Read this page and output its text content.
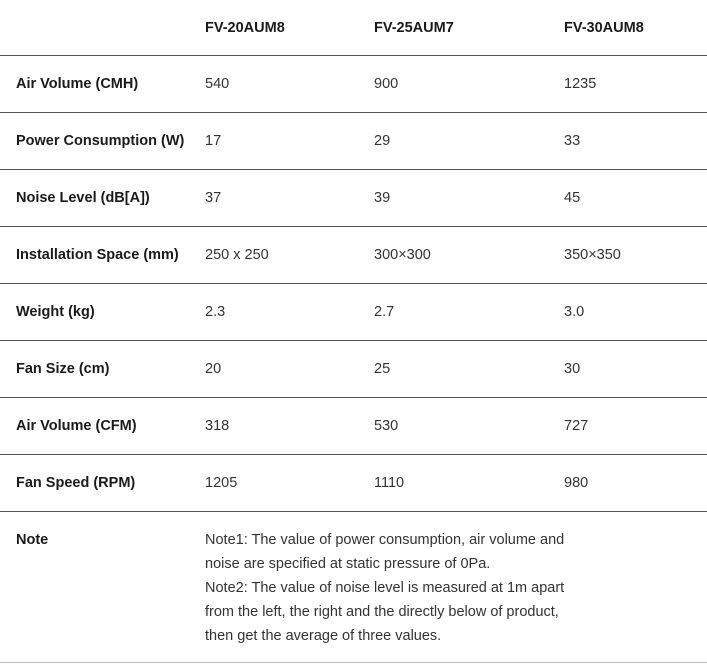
	FV-20AUM8	FV-25AUM7	FV-30AUM8
Air Volume (CMH)	540	900	1235
Power Consumption (W)	17	29	33
Noise Level (dB[A])	37	39	45
Installation Space (mm)	250 x 250	300×300	350×350
Weight (kg)	2.3	2.7	3.0
Fan Size (cm)	20	25	30
Air Volume (CFM)	318	530	727
Fan Speed (RPM)	1205	1110	980
Note	Note1: The value of power consumption, air volume and
noise are specified at static pressure of 0Pa.
Note2: The value of noise level is measured at 1m apart
from the left, the right and the directly below of product,
then get the average of three values.		
